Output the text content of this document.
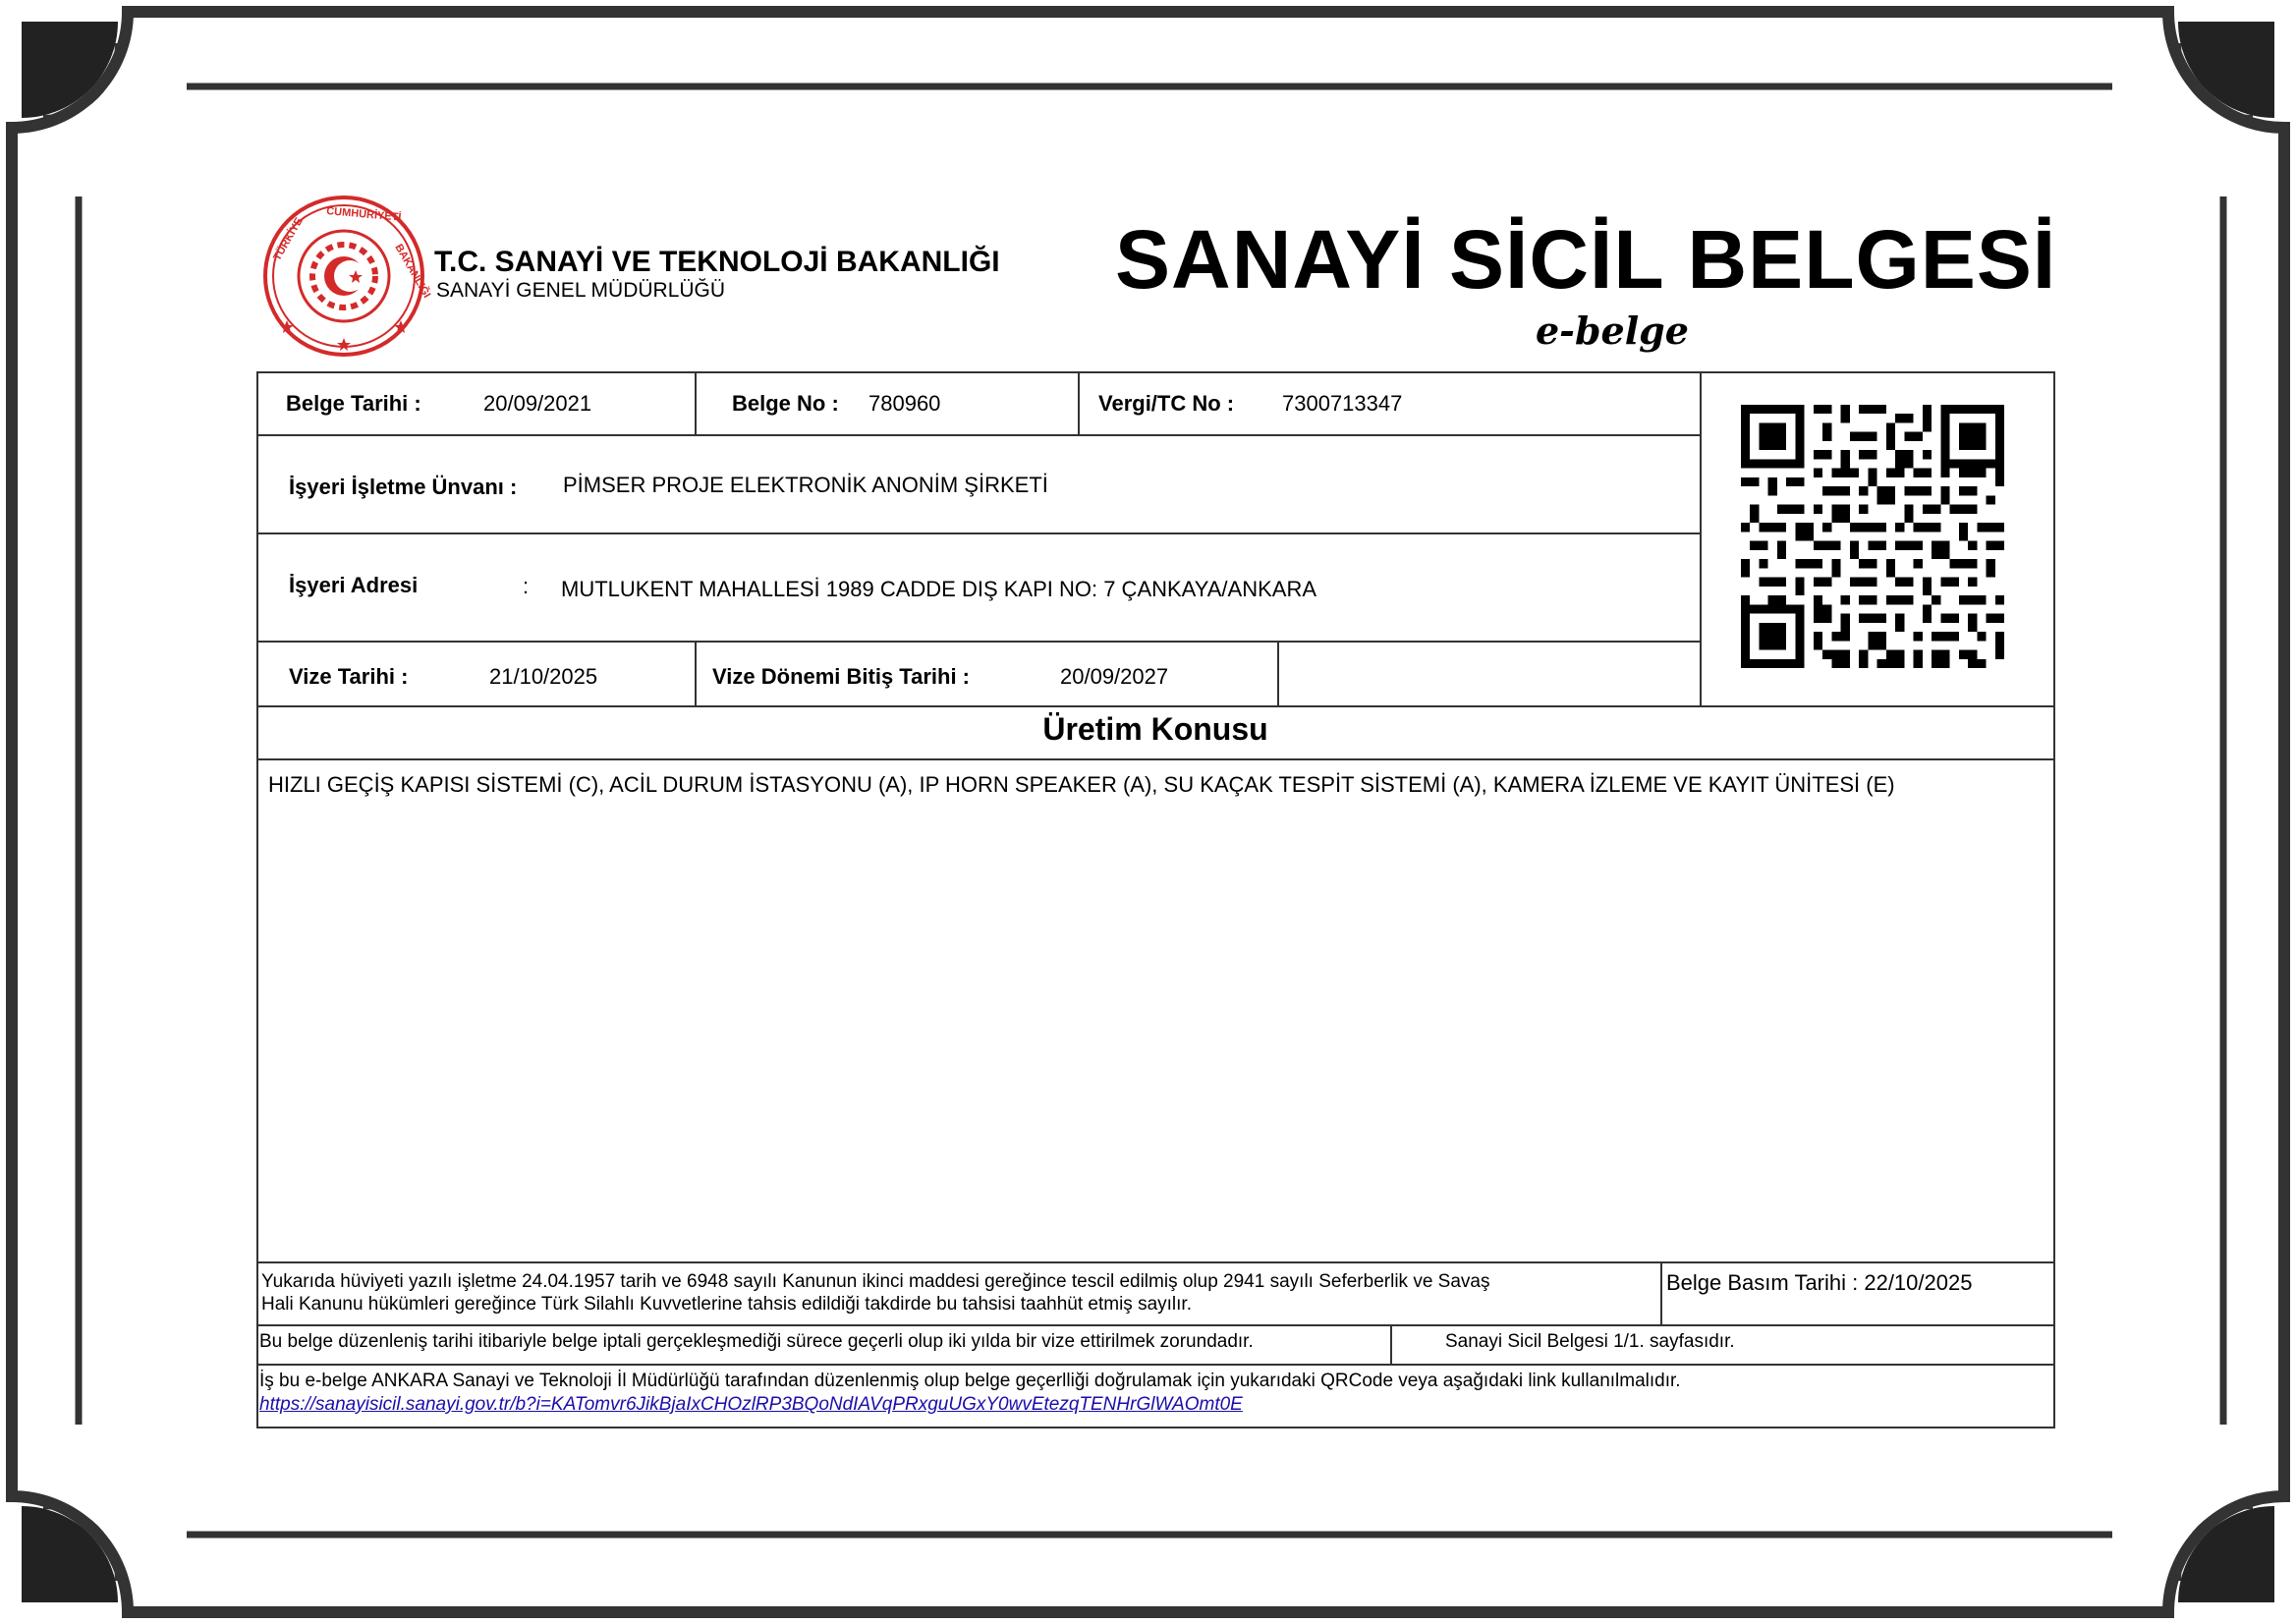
TÜRKİYE
CUMHURİYETİ
BAKANLIĞI T.C. SANAYİ VE TEKNOLOJİ BAKANLIĞI
SANAYİ GENEL MÜDÜRLÜĞÜ	SANAYİ SİCİL BELGESİ
e-belge
Belge Tarihi :	20/09/2021	Belge No : 780960	Vergi/TC No : 7300713347
İşyeri İşletme Ünvanı : PİMSER PROJE ELEKTRONİK ANONİM ŞİRKETİ
İşyeri Adresi	: MUTLUKENT MAHALLESİ 1989 CADDE DIŞ KAPI NO: 7 ÇANKAYA/ANKARA
Vize Tarihi :	21/10/2025	Vize Dönemi Bitiş Tarihi :	20/09/2027
Üretim Konusu
HIZLI GEÇİŞ KAPISI SİSTEMİ (C), ACİL DURUM İSTASYONU (A), IP HORN SPEAKER (A), SU KAÇAK TESPİT SİSTEMİ (A), KAMERA İZLEME VE KAYIT ÜNİTESİ (E)
Yukarıda hüviyeti yazılı işletme 24.04.1957 tarih ve 6948 sayılı Kanunun ikinci maddesi gereğince tescil edilmiş olup 2941 sayılı Seferberlik ve Savaş
Hali Kanunu hükümleri gereğince Türk Silahlı Kuvvetlerine tahsis edildiği takdirde bu tahsisi taahhüt etmiş sayılır.
Belge Basım Tarihi : 22/10/2025
Bu belge düzenleniş tarihi itibariyle belge iptali gerçekleşmediği sürece geçerli olup iki yılda bir vize ettirilmek zorundadır.	Sanayi Sicil Belgesi 1/1. sayfasıdır.
İş bu e-belge ANKARA Sanayi ve Teknoloji İl Müdürlüğü tarafından düzenlenmiş olup belge geçerlliği doğrulamak için yukarıdaki QRCode veya aşağıdaki link kullanılmalıdır.
https://sanayisicil.sanayi.gov.tr/b?i=KATomvr6JikBjaIxCHOzlRP3BQoNdIAVqPRxguUGxY0wvEtezqTENHrGlWAOmt0E
